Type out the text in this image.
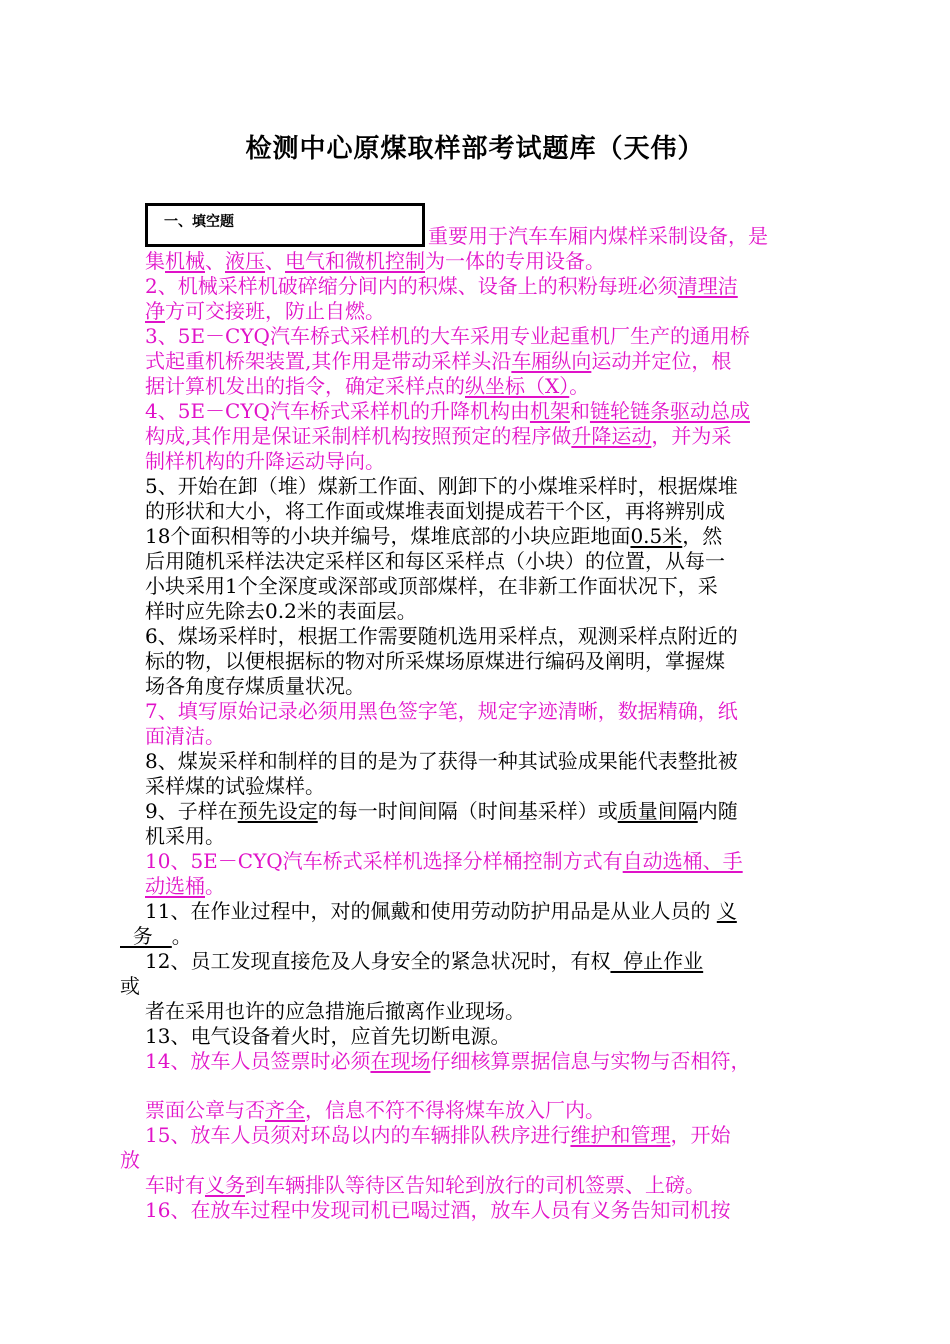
检测中心原煤取样部考试题库（天伟）
一、填空题
重要用于汽车车厢内煤样采制设备，是
集机械、液压、电气和微机控制为一体的专用设备。
2、机械采样机破碎缩分间内的积煤、设备上的积粉每班必须清理洁
净方可交接班，防止自燃。
3、5E－CYQ汽车桥式采样机的大车采用专业起重机厂生产的通用桥
式起重机桥架装置,其作用是带动采样头沿车厢纵向运动并定位，根
据计算机发出的指令，确定采样点的纵坐标（X）。
4、5E－CYQ汽车桥式采样机的升降机构由机架和链轮链条驱动总成
构成,其作用是保证采制样机构按照预定的程序做升降运动，并为采
制样机构的升降运动导向。
5、开始在卸（堆）煤新工作面、刚卸下的小煤堆采样时，根据煤堆
的形状和大小，将工作面或煤堆表面划提成若干个区，再将辨别成
18个面积相等的小块并编号，煤堆底部的小块应距地面0.5米，然
后用随机采样法决定采样区和每区采样点（小块）的位置，从每一
小块采用1个全深度或深部或顶部煤样，在非新工作面状况下，采
样时应先除去0.2米的表面层。
6、煤场采样时，根据工作需要随机选用采样点，观测采样点附近的
标的物，以便根据标的物对所采煤场原煤进行编码及阐明，掌握煤
场各角度存煤质量状况。
7、填写原始记录必须用黑色签字笔，规定字迹清晰，数据精确，纸
面清洁。
8、煤炭采样和制样的目的是为了获得一种其试验成果能代表整批被
采样煤的试验煤样。
9、子样在预先设定的每一时间间隔（时间基采样）或质量间隔内随
机采用。
10、5E－CYQ汽车桥式采样机选择分样桶控制方式有自动选桶、手
动选桶。
11、在作业过程中，对的佩戴和使用劳动防护用品是从业人员的 义
务   。
12、员工发现直接危及人身安全的紧急状况时，有权  停止作业
或
者在采用也许的应急措施后撤离作业现场。
13、电气设备着火时，应首先切断电源。
14、放车人员签票时必须在现场仔细核算票据信息与实物与否相符，
票面公章与否齐全，信息不符不得将煤车放入厂内。
15、放车人员须对环岛以内的车辆排队秩序进行维护和管理，开始
放
车时有义务到车辆排队等待区告知轮到放行的司机签票、上磅。
16、在放车过程中发现司机已喝过酒，放车人员有义务告知司机按
